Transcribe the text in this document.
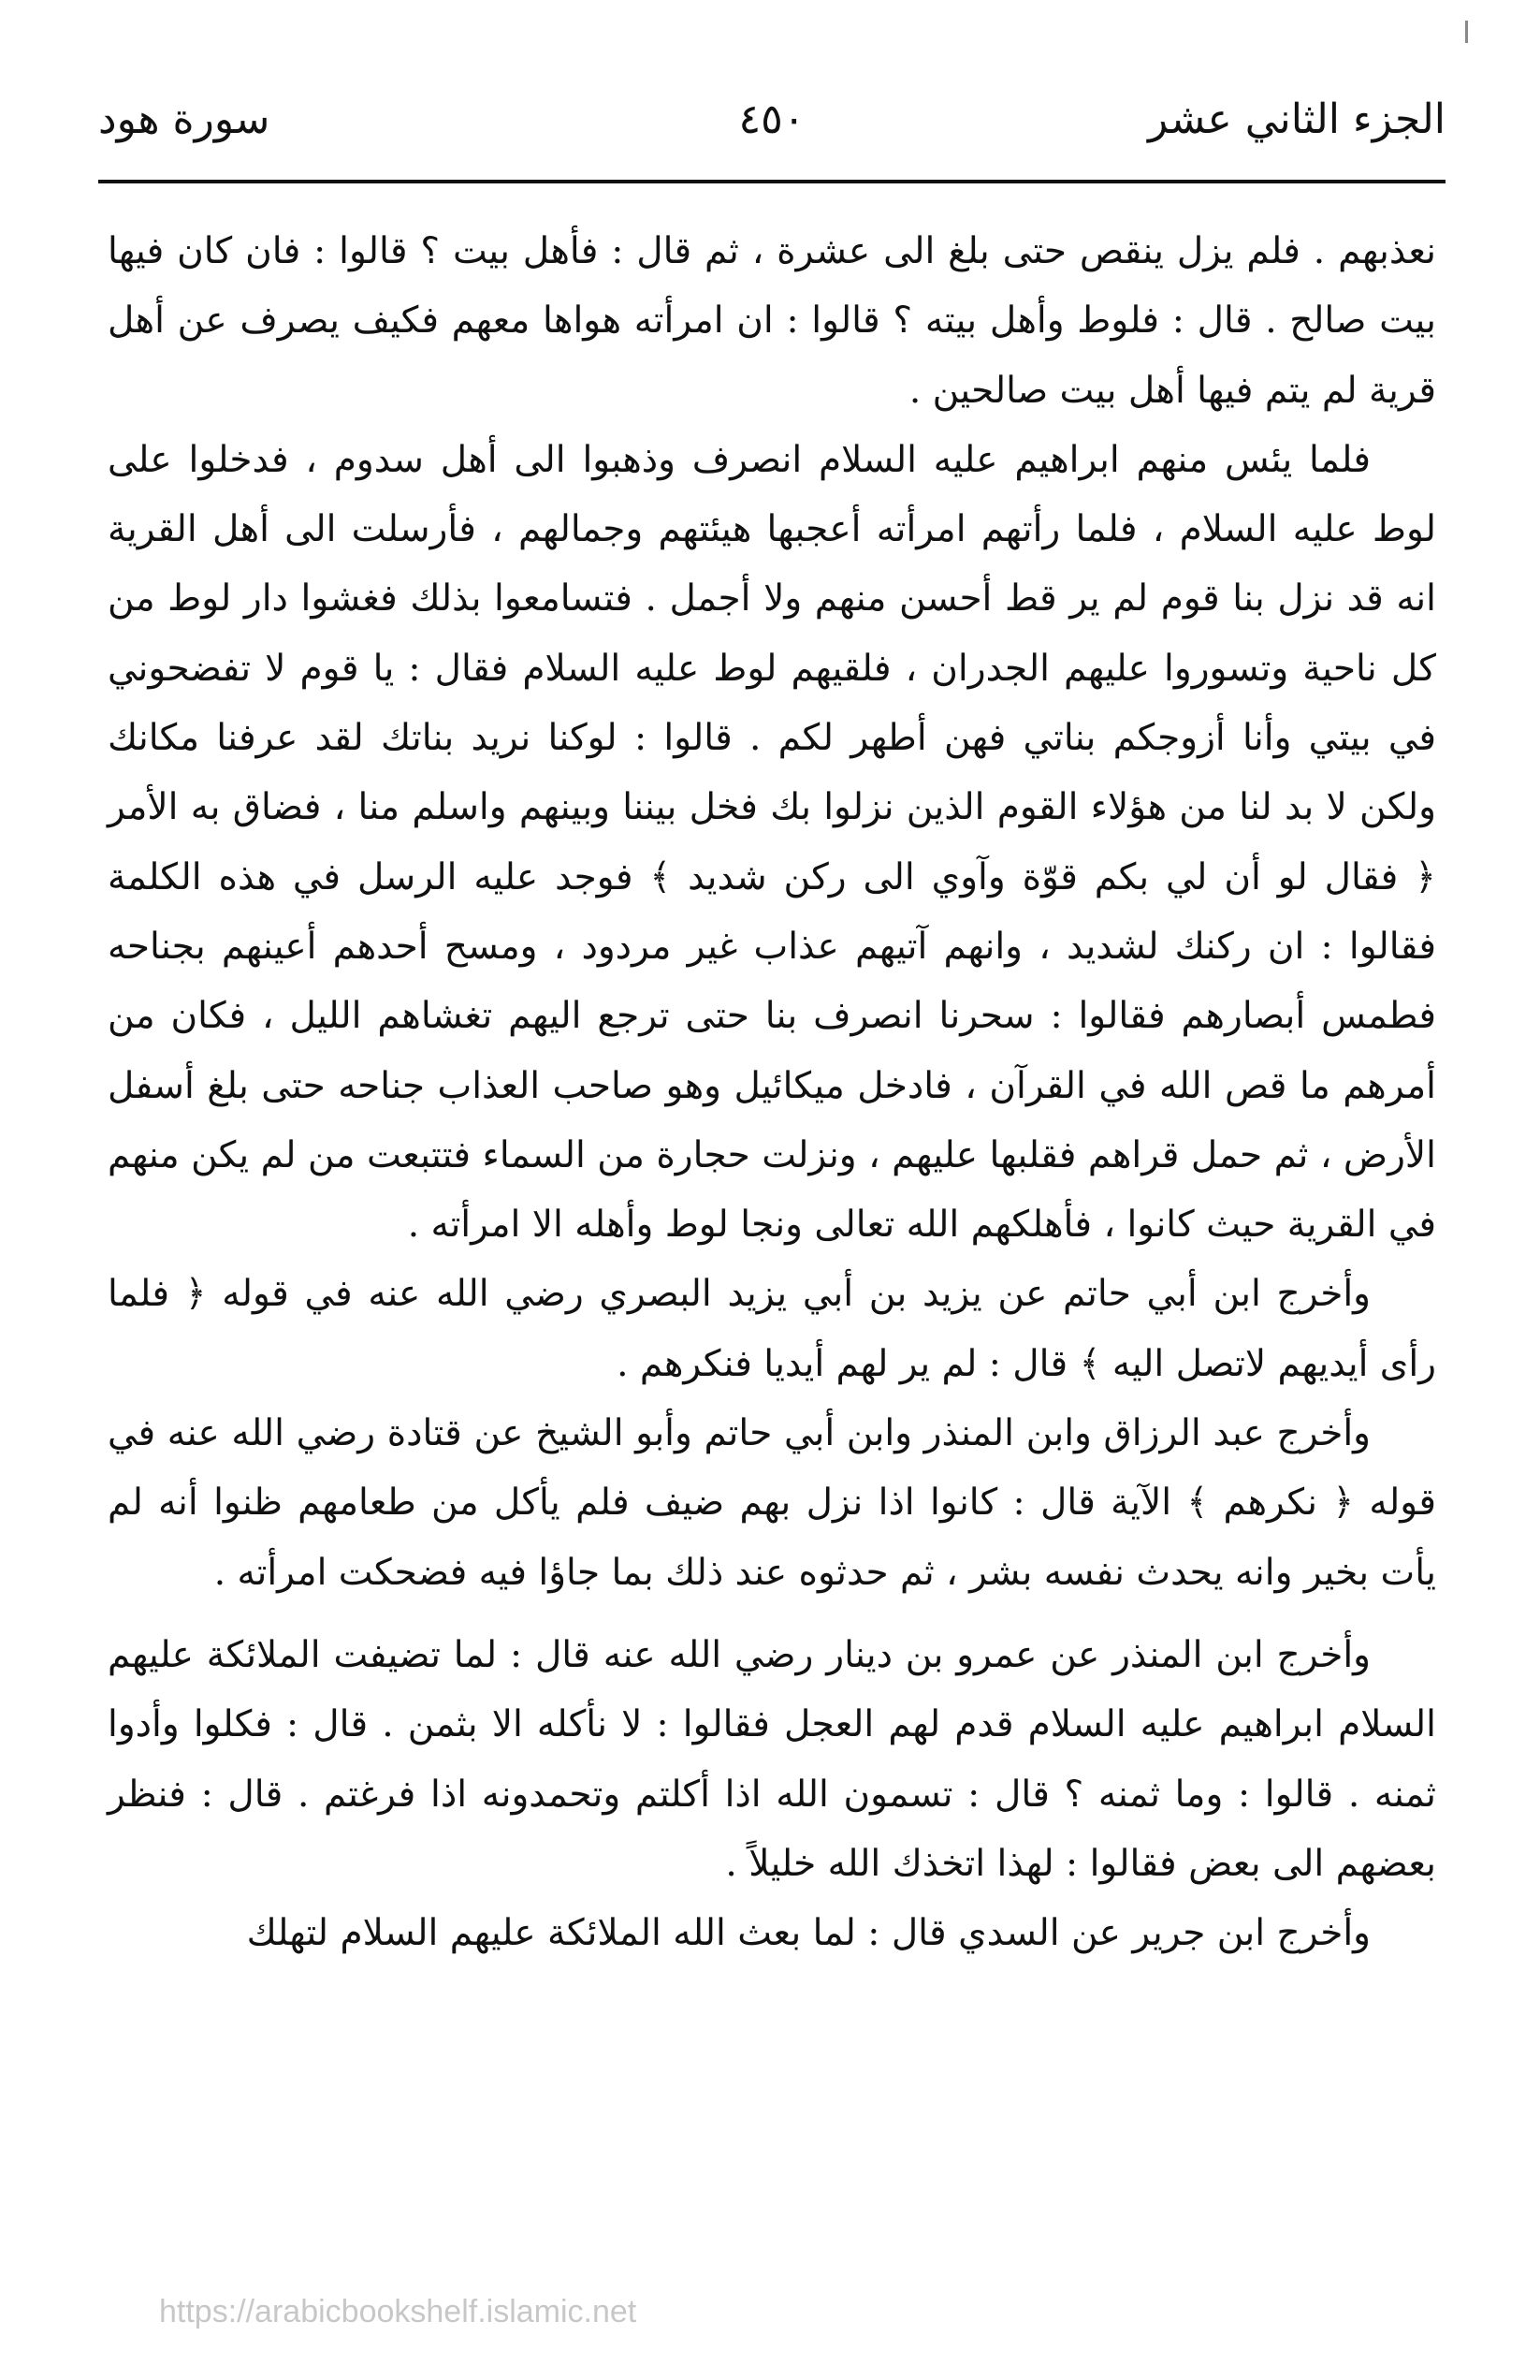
الجزء الثاني عشر
٤٥٠
سورة هود

نعذبهم . فلم يزل ينقص حتى بلغ الى عشرة ، ثم قال : فأهل بيت ؟ قالوا : فان كان فيها بيت صالح . قال : فلوط وأهل بيته ؟ قالوا : ان امرأته هواها معهم فكيف يصرف عن أهل قرية لم يتم فيها أهل بيت صالحين .

فلما يئس منهم ابراهيم عليه السلام انصرف وذهبوا الى أهل سدوم ، فدخلوا على لوط عليه السلام ، فلما رأتهم امرأته أعجبها هيئتهم وجمالهم ، فأرسلت الى أهل القرية انه قد نزل بنا قوم لم ير قط أحسن منهم ولا أجمل . فتسامعوا بذلك فغشوا دار لوط من كل ناحية وتسوروا عليهم الجدران ، فلقيهم لوط عليه السلام فقال : يا قوم لا تفضحوني في بيتي وأنا أزوجكم بناتي فهن أطهر لكم . قالوا : لوكنا نريد بناتك لقد عرفنا مكانك ولكن لا بد لنا من هؤلاء القوم الذين نزلوا بك فخل بيننا وبينهم واسلم منا ، فضاق به الأمر ﴿ فقال لو أن لي بكم قوّة وآوي الى ركن شديد ﴾ فوجد عليه الرسل في هذه الكلمة فقالوا : ان ركنك لشديد ، وانهم آتيهم عذاب غير مردود ، ومسح أحدهم أعينهم بجناحه فطمس أبصارهم فقالوا : سحرنا انصرف بنا حتى ترجع اليهم تغشاهم الليل ، فكان من أمرهم ما قص الله في القرآن ، فادخل ميكائيل وهو صاحب العذاب جناحه حتى بلغ أسفل الأرض ، ثم حمل قراهم فقلبها عليهم ، ونزلت حجارة من السماء فتتبعت من لم يكن منهم في القرية حيث كانوا ، فأهلكهم الله تعالى ونجا لوط وأهله الا امرأته .

وأخرج ابن أبي حاتم عن يزيد بن أبي يزيد البصري رضي الله عنه في قوله ﴿ فلما رأى أيديهم لاتصل اليه ﴾ قال : لم ير لهم أيديا فنكرهم .

وأخرج عبد الرزاق وابن المنذر وابن أبي حاتم وأبو الشيخ عن قتادة رضي الله عنه في قوله ﴿ نكرهم ﴾ الآية قال : كانوا اذا نزل بهم ضيف فلم يأكل من طعامهم ظنوا أنه لم يأت بخير وانه يحدث نفسه بشر ، ثم حدثوه عند ذلك بما جاؤا فيه فضحكت امرأته .

وأخرج ابن المنذر عن عمرو بن دينار رضي الله عنه قال : لما تضيفت الملائكة عليهم السلام ابراهيم عليه السلام قدم لهم العجل فقالوا : لا نأكله الا بثمن . قال : فكلوا وأدوا ثمنه . قالوا : وما ثمنه ؟ قال : تسمون الله اذا أكلتم وتحمدونه اذا فرغتم . قال : فنظر بعضهم الى بعض فقالوا : لهذا اتخذك الله خليلاً .

وأخرج ابن جرير عن السدي قال : لما بعث الله الملائكة عليهم السلام لتهلك

https://arabicbookshelf.islamic.net
